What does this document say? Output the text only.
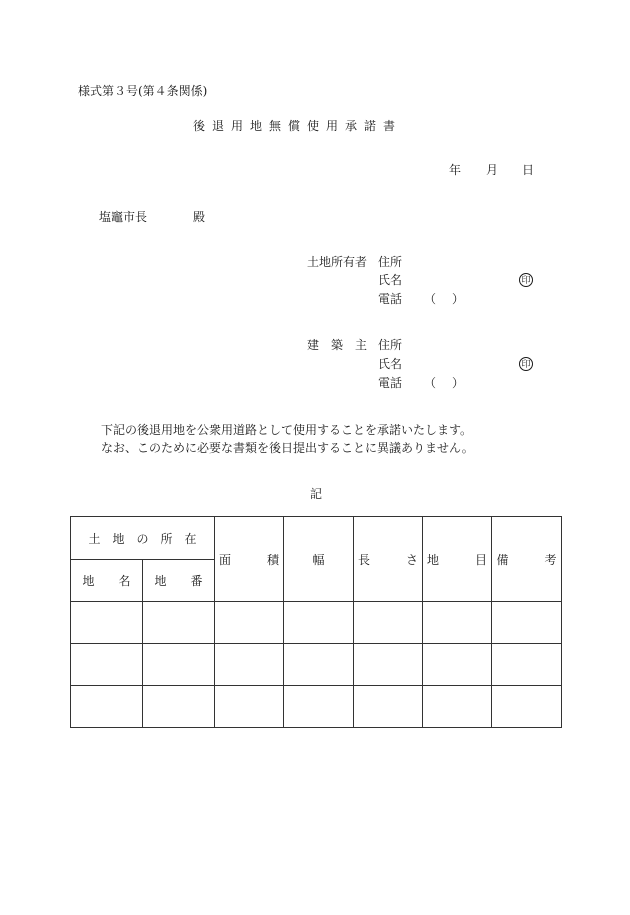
様式第３号(第４条関係)
後退用地無償使用承諾書
年 月 日
塩竈市長	殿
土地所有者 住所
氏名	印
電話 （ ）
建　築　主 住所
氏名	印
電話 （ ）

下記の後退用地を公衆用道路として使用することを承諾いたします。

なお、このために必要な書類を後日提出することに異議ありません。

記
土　地　の　所　在		面　　　積	幅	長　　　さ	地　　　目	備　　　考
地　　名	地　　番					
